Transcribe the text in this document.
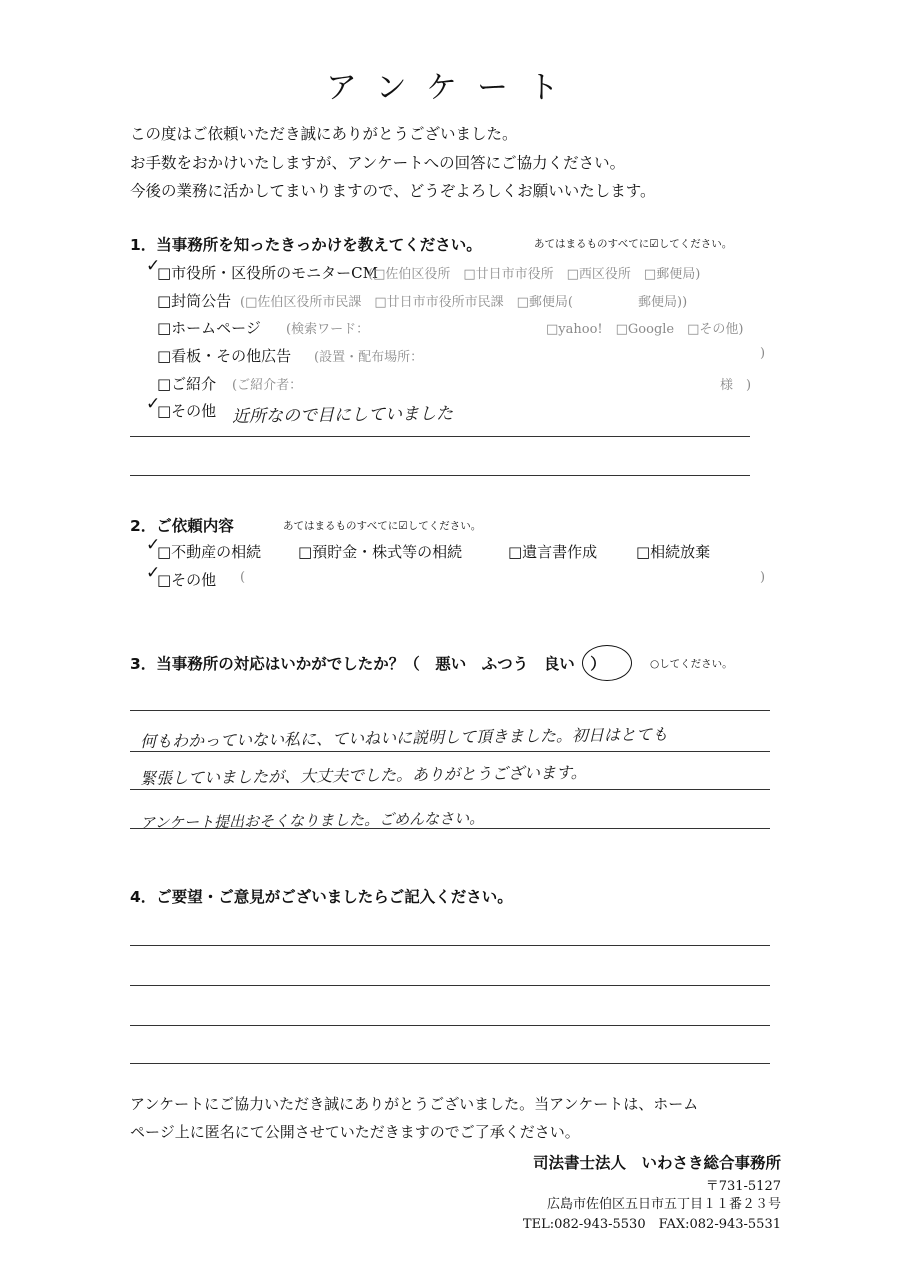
アンケート
この度はご依頼いただき誠にありがとうございました。
お手数をおかけいたしますが、アンケートへの回答にご協力ください。
今後の業務に活かしてまいりますので、どうぞよろしくお願いいたします。
1．当事務所を知ったきっかけを教えてください。	あてはまるものすべてに☑してください。
✓
□市役所・区役所のモニターCM
(□佐伯区役所　□廿日市市役所　□西区役所　□郵便局)
□封筒公告 (□佐伯区役所市民課　□廿日市市役所市民課　□郵便局(　　　　　郵便局))
□ホームページ (検索ワード：	□yahoo!　□Google　□その他)
□看板・その他広告 (設置・配布場所：	)
□ご紹介 (ご紹介者：	様　)
✓
□その他 近所なので目にしていました
2．ご依頼内容	あてはまるものすべてに☑してください。
✓
□不動産の相続 □預貯金・株式等の相続	□遺言書作成	□相続放棄
✓
□その他 (	)
3．当事務所の対応はいかがでしたか？（　悪い　ふつう　良い　）	○してください。
何もわかっていない私に、ていねいに説明して頂きました。初日はとても
緊張していましたが、大丈夫でした。ありがとうございます。
アンケート提出おそくなりました。ごめんなさい。
4．ご要望・ご意見がございましたらご記入ください。
アンケートにご協力いただき誠にありがとうございました。当アンケートは、ホーム
ページ上に匿名にて公開させていただきますのでご了承ください。
司法書士法人　いわさき総合事務所
〒731-5127
広島市佐伯区五日市五丁目１１番２３号
TEL:082-943-5530　FAX:082-943-5531
